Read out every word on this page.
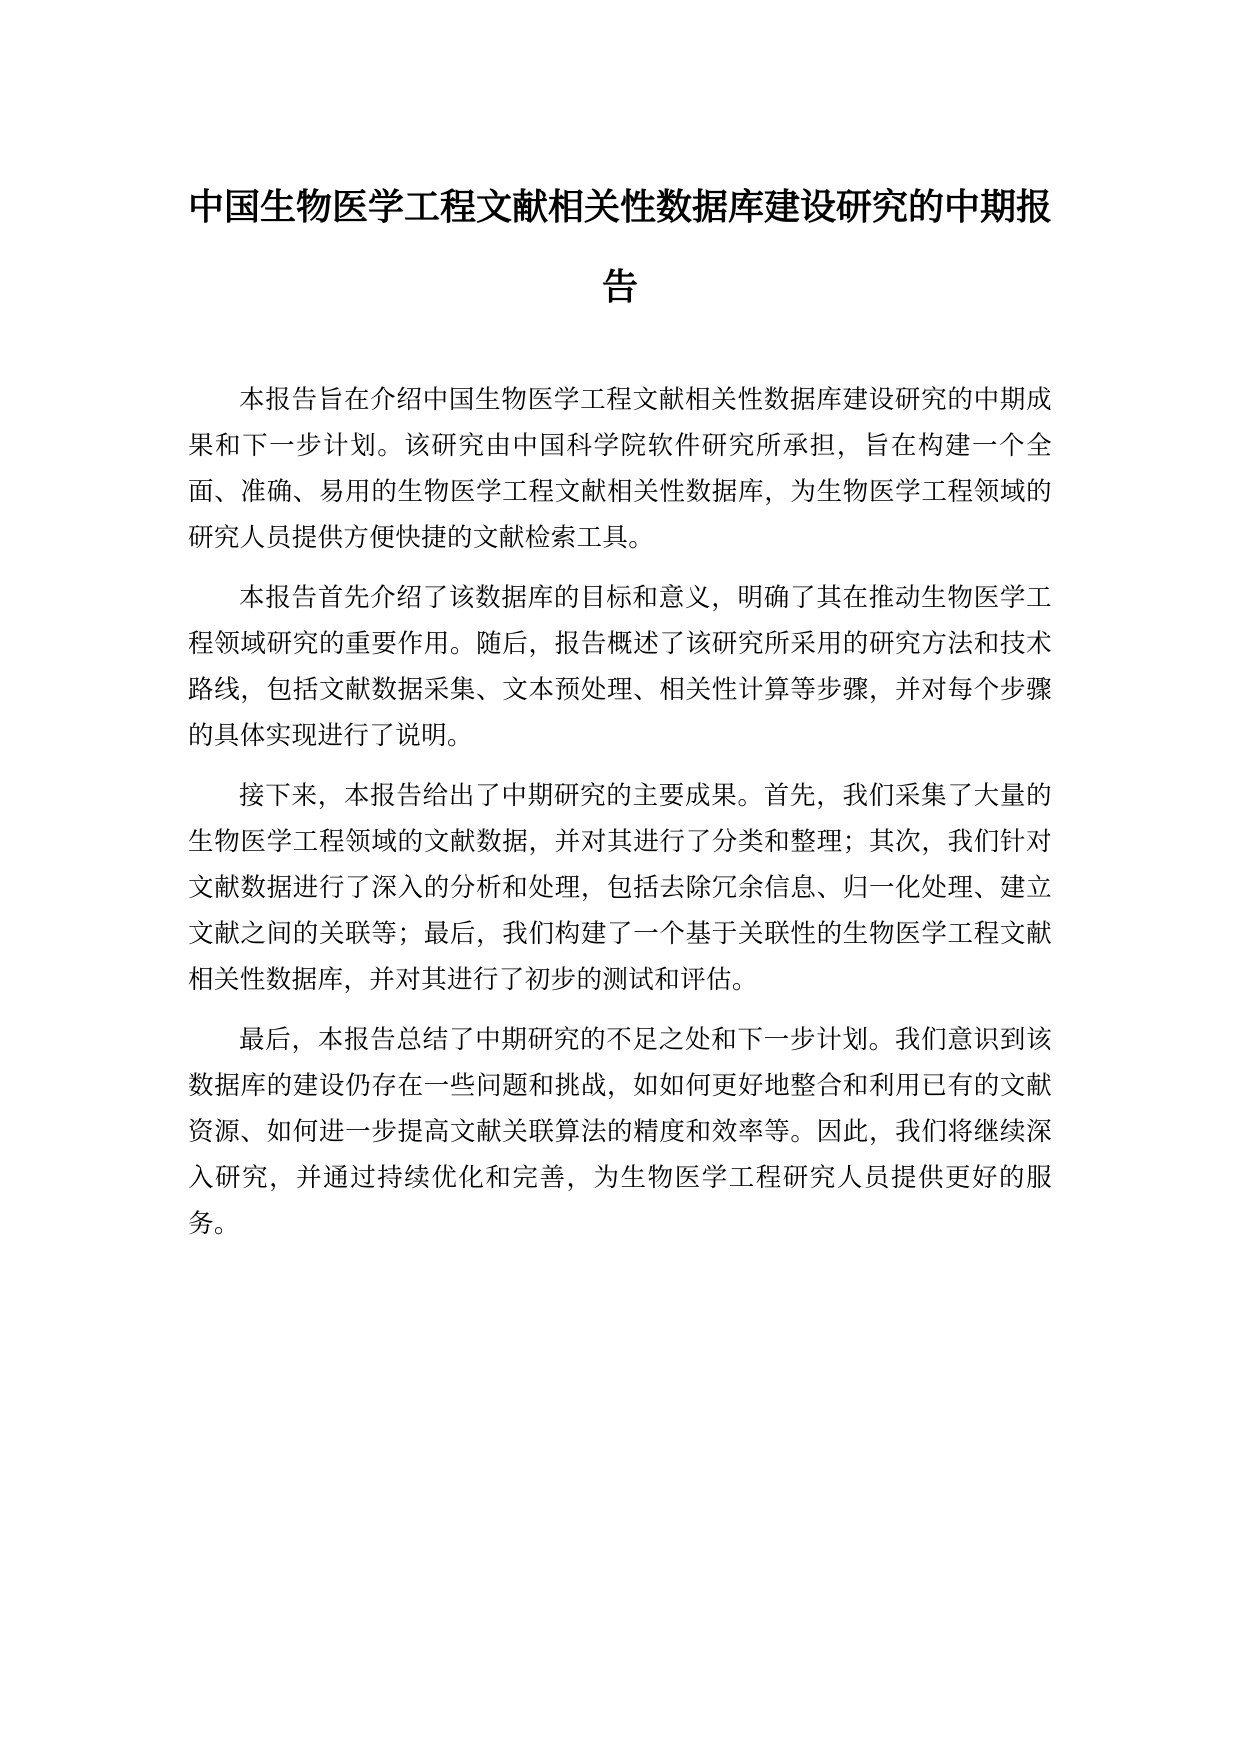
中国生物医学工程文献相关性数据库建设研究的中期报告

本报告旨在介绍中国生物医学工程文献相关性数据库建设研究的中期成果和下一步计划。该研究由中国科学院软件研究所承担，旨在构建一个全面、准确、易用的生物医学工程文献相关性数据库，为生物医学工程领域的研究人员提供方便快捷的文献检索工具。

本报告首先介绍了该数据库的目标和意义，明确了其在推动生物医学工程领域研究的重要作用。随后，报告概述了该研究所采用的研究方法和技术路线，包括文献数据采集、文本预处理、相关性计算等步骤，并对每个步骤的具体实现进行了说明。

接下来，本报告给出了中期研究的主要成果。首先，我们采集了大量的生物医学工程领域的文献数据，并对其进行了分类和整理；其次，我们针对文献数据进行了深入的分析和处理，包括去除冗余信息、归一化处理、建立文献之间的关联等；最后，我们构建了一个基于关联性的生物医学工程文献相关性数据库，并对其进行了初步的测试和评估。

最后，本报告总结了中期研究的不足之处和下一步计划。我们意识到该数据库的建设仍存在一些问题和挑战，如如何更好地整合和利用已有的文献资源、如何进一步提高文献关联算法的精度和效率等。因此，我们将继续深入研究，并通过持续优化和完善，为生物医学工程研究人员提供更好的服务。
